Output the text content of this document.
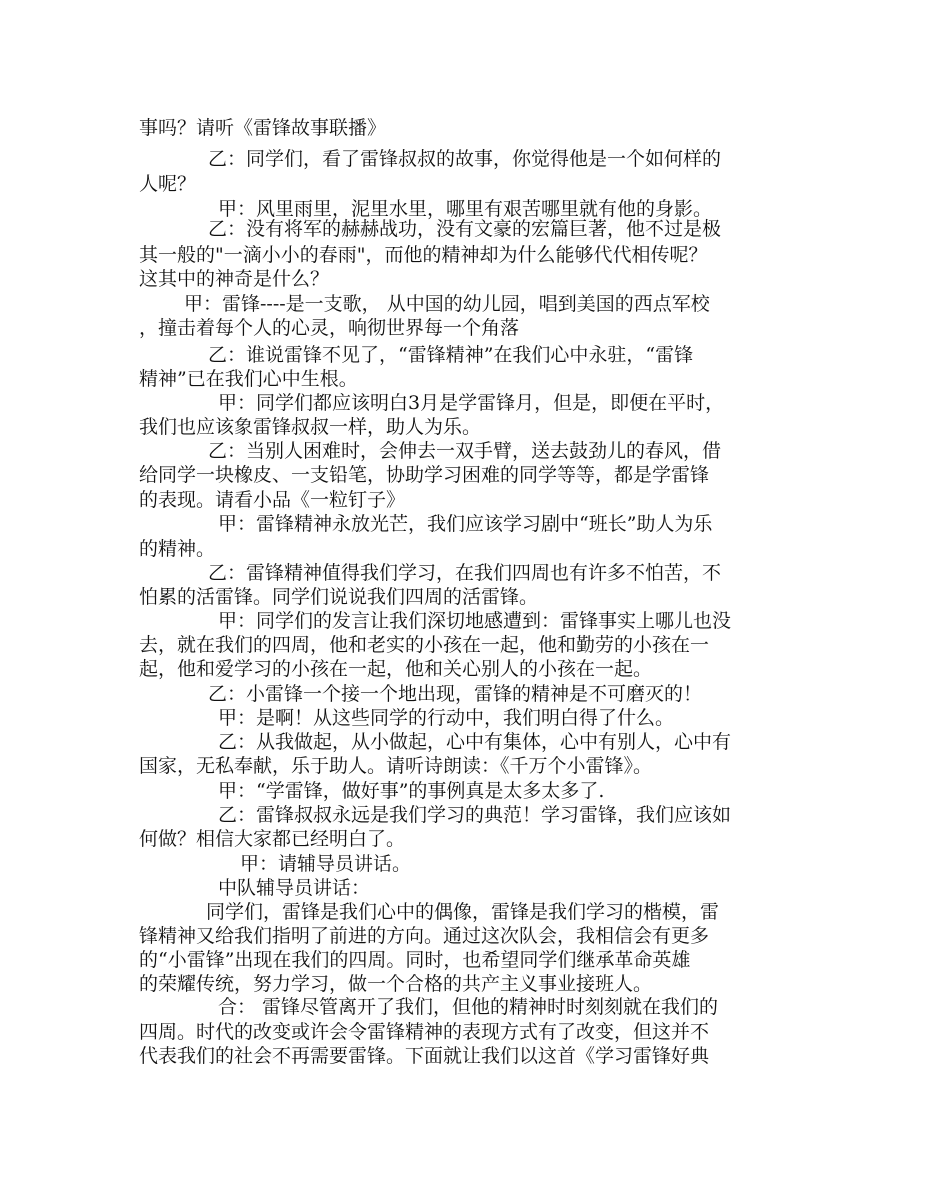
事吗？请听《雷锋故事联播》
乙：同学们，看了雷锋叔叔的故事，你觉得他是一个如何样的
人呢？
甲：风里雨里，泥里水里，哪里有艰苦哪里就有他的身影。
乙：没有将军的赫赫战功，没有文豪的宏篇巨著，他不过是极
其一般的"一滴小小的春雨"，而他的精神却为什么能够代代相传呢？
这其中的神奇是什么？
甲：雷锋----是一支歌， 从中国的幼儿园，唱到美国的西点军校
，撞击着每个人的心灵，响彻世界每一个角落
乙：谁说雷锋不见了，“雷锋精神”在我们心中永驻，“雷锋
精神”已在我们心中生根。
甲：同学们都应该明白3月是学雷锋月，但是，即便在平时，
我们也应该象雷锋叔叔一样，助人为乐。
乙：当别人困难时，会伸去一双手臂，送去鼓劲儿的春风，借
给同学一块橡皮、一支铅笔，协助学习困难的同学等等，都是学雷锋
的表现。请看小品《一粒钉子》
甲：雷锋精神永放光芒，我们应该学习剧中“班长”助人为乐
的精神。
乙：雷锋精神值得我们学习，在我们四周也有许多不怕苦，不
怕累的活雷锋。同学们说说我们四周的活雷锋。
甲：同学们的发言让我们深切地感遭到：雷锋事实上哪儿也没
去，就在我们的四周，他和老实的小孩在一起，他和勤劳的小孩在一
起，他和爱学习的小孩在一起，他和关心别人的小孩在一起。
乙：小雷锋一个接一个地出现，雷锋的精神是不可磨灭的！
甲：是啊！从这些同学的行动中，我们明白得了什么。
乙：从我做起，从小做起，心中有集体，心中有别人，心中有
国家，无私奉献，乐于助人。请听诗朗读：《千万个小雷锋》。
甲：“学雷锋，做好事”的事例真是太多太多了.
乙：雷锋叔叔永远是我们学习的典范！学习雷锋，我们应该如
何做？相信大家都已经明白了。
甲：请辅导员讲话。
中队辅导员讲话：
同学们，雷锋是我们心中的偶像，雷锋是我们学习的楷模，雷
锋精神又给我们指明了前进的方向。通过这次队会，我相信会有更多
的“小雷锋”出现在我们的四周。同时，也希望同学们继承革命英雄
的荣耀传统，努力学习，做一个合格的共产主义事业接班人。
合： 雷锋尽管离开了我们，但他的精神时时刻刻就在我们的
四周。时代的改变或许会令雷锋精神的表现方式有了改变，但这并不
代表我们的社会不再需要雷锋。下面就让我们以这首《学习雷锋好典
